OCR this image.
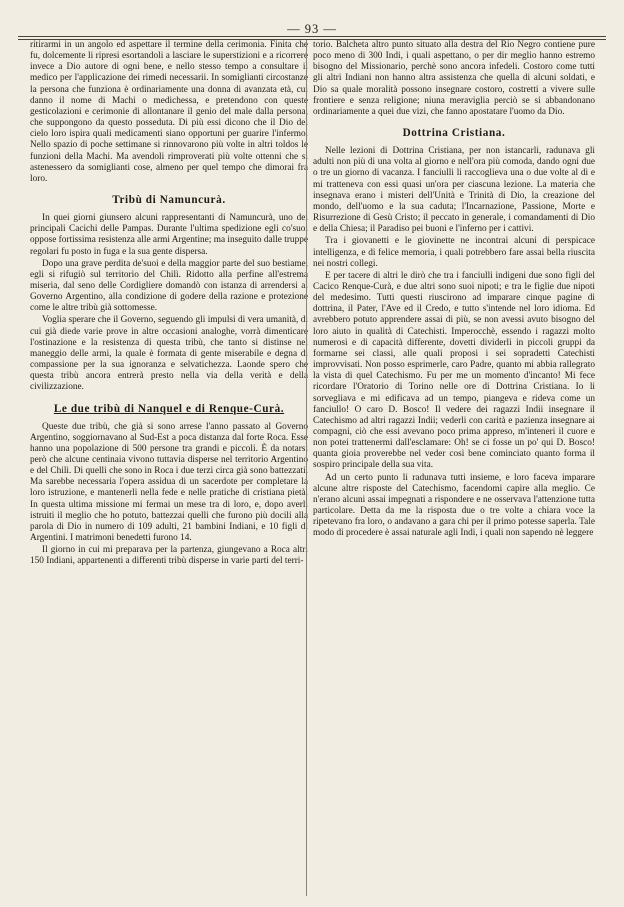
— 93 —

ritirarmi in un angolo ed aspettare il termine della cerimonia. Finita che fu, dolcemente li ripresi esortandoli a lasciare le superstizioni e a ricorrere invece a Dio autore di ogni bene, e nello stesso tempo a consultare il medico per l'applicazione dei rimedi necessarii. In somiglianti circostanze la persona che funziona è ordinariamente una donna di avanzata età, cui danno il nome di Machi o medichessa, e pretendono con queste gesticolazioni e cerimonie di allontanare il genio del male dalla persona, che suppongono da questo posseduta. Di più essi dicono che il Dio del cielo loro ispira quali medicamenti siano opportuni per guarire l'infermo. Nello spazio di poche settimane si rinnovarono più volte in altri toldos le funzioni della Machi. Ma avendoli rimproverati più volte ottenni che si astenessero da somiglianti cose, almeno per quel tempo che dimorai fra loro.

Tribù di Namuncurà.

In quei giorni giunsero alcuni rappresentanti di Namuncurà, uno dei principali Cacichi delle Pampas. Durante l'ultima spedizione egli co'suoi oppose fortissima resistenza alle armi Argentine; ma inseguito dalle truppe regolari fu posto in fuga e la sua gente dispersa.

Dopo una grave perdita de'suoi e della maggior parte del suo bestiame, egli si rifugiò sul territorio del Chilì. Ridotto alla perfine all'estrema miseria, dal seno delle Cordigliere domandò con istanza di arrendersi al Governo Argentino, alla condizione di godere della razione e protezione come le altre tribù già sottomesse.

Voglia sperare che il Governo, seguendo gli impulsi di vera umanità, di cui già diede varie prove in altre occasioni analoghe, vorrà dimenticare l'ostinazione e la resistenza di questa tribù, che tanto si distinse nel maneggio delle armi, la quale è formata di gente miserabile e degna di compassione per la sua ignoranza e selvatichezza. Laonde spero che questa tribù ancora entrerà presto nella via della verità e della civilizzazione.

Le due tribù di Nanquel e di Renque-Curà.

Queste due tribù, che già si sono arrese l'anno passato al Governo Argentino, soggiornavano al Sud-Est a poca distanza dal forte Roca. Esse hanno una popolazione di 500 persone tra grandi e piccoli. È da notarsi però che alcune centinaia vivono tuttavia disperse nel territorio Argentino e del Chilì. Di quelli che sono in Roca i due terzi circa già sono battezzati. Ma sarebbe necessaria l'opera assidua di un sacerdote per completare la loro istruzione, e mantenerli nella fede e nelle pratiche di cristiana pietà. In questa ultima missione mi fermai un mese tra di loro, e, dopo averli istruiti il meglio che ho potuto, battezzai quelli che furono più docili alla parola di Dio in numero di 109 adulti, 21 bambini Indiani, e 10 figli di Argentini. I matrimoni benedetti furono 14.

Il giorno in cui mi preparava per la partenza, giungevano a Roca altri 150 Indiani, appartenenti a differenti tribù disperse in varie parti del terri-

torio. Balcheta altro punto situato alla destra del Rio Negro contiene pure poco meno di 300 Indi, i quali aspettano, o per dir meglio hanno estremo bisogno del Missionario, perchè sono ancora infedeli. Costoro come tutti gli altri Indiani non hanno altra assistenza che quella di alcuni soldati, e Dio sa quale moralità possono insegnare costoro, costretti a vivere sulle frontiere e senza religione; niuna meraviglia perciò se si abbandonano ordinariamente a quei due vizi, che fanno apostatare l'uomo da Dio.

Dottrina Cristiana.

Nelle lezioni di Dottrina Cristiana, per non istancarli, radunava gli adulti non più di una volta al giorno e nell'ora più comoda, dando ogni due o tre un giorno di vacanza. I fanciulli li raccoglieva una o due volte al dì e mi tratteneva con essi quasi un'ora per ciascuna lezione. La materia che insegnava erano i misteri dell'Unità e Trinità di Dio, la creazione del mondo, dell'uomo e la sua caduta; l'Incarnazione, Passione, Morte e Risurrezione di Gesù Cristo; il peccato in generale, i comandamenti di Dio e della Chiesa; il Paradiso pei buoni e l'inferno per i cattivi.

Tra i giovanetti e le giovinette ne incontrai alcuni di perspicace intelligenza, e di felice memoria, i quali potrebbero fare assai bella riuscita nei nostri collegi.

E per tacere di altri le dirò che tra i fanciulli indigeni due sono figli del Cacico Renque-Curà, e due altri sono suoi nipoti; e tra le figlie due nipoti del medesimo. Tutti questi riuscirono ad imparare cinque pagine di dottrina, il Pater, l'Ave ed il Credo, e tutto s'intende nel loro idioma. Ed avrebbero potuto apprendere assai di più, se non avessi avuto bisogno del loro aiuto in qualità di Catechisti. Imperocchè, essendo i ragazzi molto numerosi e di capacità differente, dovetti dividerli in piccoli gruppi da formarne sei classi, alle quali proposi i sei sopradetti Catechisti improvvisati. Non posso esprimerle, caro Padre, quanto mi abbia rallegrato la vista di quel Catechismo. Fu per me un momento d'incanto! Mi fece ricordare l'Oratorio di Torino nelle ore di Dottrina Cristiana. Io li sorvegliava e mi edificava ad un tempo, piangeva e rideva come un fanciullo! O caro D. Bosco! Il vedere dei ragazzi Indii insegnare il Catechismo ad altri ragazzi Indii; vederli con carità e pazienza insegnare ai compagni, ciò che essi avevano poco prima appreso, m'inteneri il cuore e non potei trattenermi dall'esclamare: Oh! se ci fosse un po' qui D. Bosco! quanta gioia proverebbe nel veder così bene cominciato quanto forma il sospiro principale della sua vita.

Ad un certo punto li radunava tutti insieme, e loro faceva imparare alcune altre risposte del Catechismo, facendomi capire alla meglio. Ce n'erano alcuni assai impegnati a rispondere e ne osservava l'attenzione tutta particolare. Detta da me la risposta due o tre volte a chiara voce la ripetevano fra loro, o andavano a gara chi per il primo potesse saperla. Tale modo di procedere è assai naturale agli Indi, i quali non sapendo nè leggere
